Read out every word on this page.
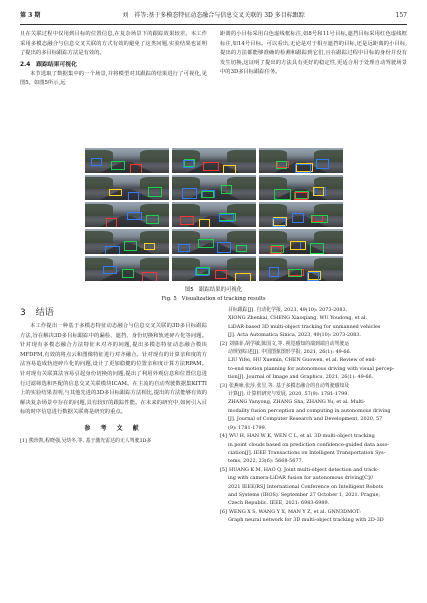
第 3 期	刘　祥等:基于多模态特征动态融合与信息交叉关联的 3D 多目标跟踪	157

且在关联过程中仅用到目标的位置信息,在复杂场景下的跟踪效果较差。本工作采用多模态融合与信息交叉关联的方式有效的避免了这类问题,实验结果也证明了提出的多目标跟踪方法是有效的。

2.4 跟踪结果可视化

本节选取了数据集中的一个场景,并将模型对其跟踪的结果进行了可视化,见图5。如图5所示,远

距离的小目标采用白色虚线框标注,如8号和11号目标,遮挡目标采用红色虚线框标注,如14号目标。可以看出,无论是对于相互遮挡的目标,还是远距离的小目标,提出的方法都能够准确的检测和跟踪到它们,且在跟踪过程中目标的身份并没有发生切换,这证明了提出的方法具有更好的稳定性,更适合用于处理自动驾驶场景中的3D多目标跟踪任务。

图5　跟踪结果的可视化
Fig. 5　Visualization of tracking results
3 结语

本工作提出一种基于多模态特征动态融合与信息交叉关联的3D多目标跟踪方法,旨在解决3D多目标跟踪中的漏检、遮挡、身份切换和轨迹碎片化等问题。针对现有多模态融合方法特征未对齐的问题,提出多模态特征动态融合模块MFDFM,有效的将点云和图像特征进行对齐融合。针对现有的计算亲和度的方法容易造成轨迹碎片化的问题,设计了更加稳健的位置亲和度计算方法RPAM。针对现有关联算法容易引起身份切换的问题,提出了利用外观信息和位置信息进行过滤筛选和匹配的信息交叉关联模块ICAM。在主流的自动驾驶数据集KITTI上的实验结果表明,与其他先进的3D多目标跟踪方法相比,提出的方法能够有效的解决复杂场景中存在的问题,具有较好的跟踪性能。在未来的研究中,如何引入目标的时序信息进行数据关联将是研究的重点。

参 考 文 献

[1] 熊珍凯,程晓强,吴幼冬,等. 基于激光雷达的无人驾驶3D多

目标跟踪[J]. 自动化学报, 2023, 49(10): 2073-2083.

XIONG Zhenkai, CHENG Xiaoqiang, WU Youdong, et al.

LiDAR-based 3D multi-object tracking for unmanned vehicles

[J]. Acta Automatica Sinica, 2023, 49(10): 2073-2083.

[2] 刘旖菲,胡学敏,陈国文,等. 视觉感知的端到端自动驾驶运

动规划综述[J]. 中国图象图形学报, 2021, 26(1): 49-66.

LIU Yifei, HU Xuemin, CHEN Guowen, et al. Review of end-

to-end motion planning for autonomous driving with visual percep-

tion[J]. Journal of Image and Graphics, 2021, 26(1): 49-66.

[3] 张燕咏,张莎,张昱,等. 基于多模态融合的自动驾驶感知及

计算[J]. 计算机研究与发展, 2020, 57(9): 1781-1799.

ZHANG Yanyong, ZHANG Sha, ZHANG Yu, et al. Multi-

modality fusion perception and computing in autonomous driving

[J]. Journal of Computer Research and Development, 2020, 57

(9): 1781-1799.

[4] WU H, HAN W K, WEN C L, et al. 3D multi-object tracking

in point clouds based on prediction confidence-guided data asso-

ciation[J]. IEEE Transactions on Intelligent Transportation Sys-

tems, 2022, 23(6): 5668-5677.

[5] HUANG K M, HAO Q. Joint multi-object detection and track-

ing with camera-LiDAR fusion for autonomous driving[C]//

2021 IEEE/RSJ International Conference on Intelligent Robots

and Systems (IROS). September 27 October 1, 2021. Prague,

Czech Republic. IEEE, 2021: 6983-6989.

[6] WENG X S, WANG Y X, MAN Y Z, et al. GNN3DMOT:

Graph neural network for 3D multi-object tracking with 2D-3D
